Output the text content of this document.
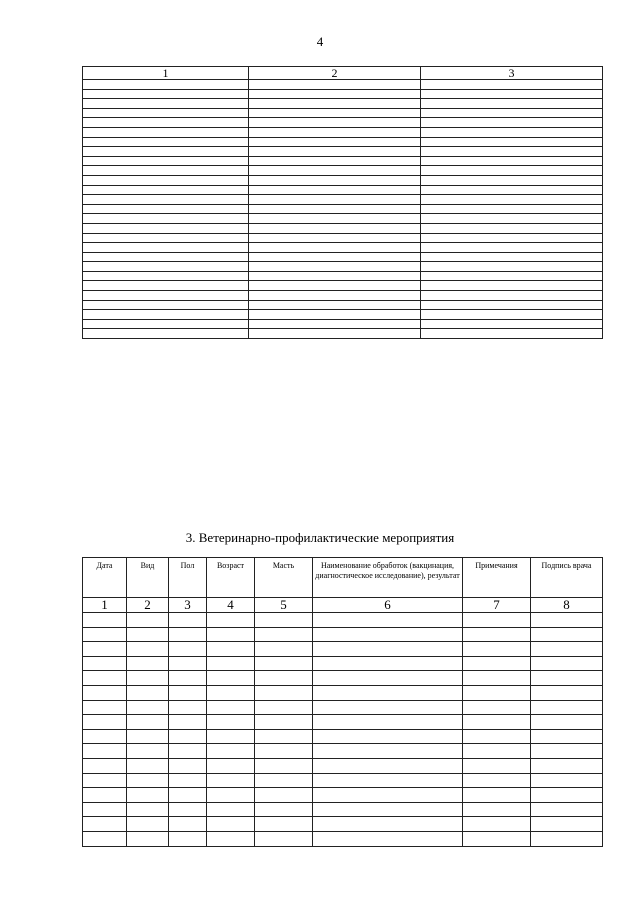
4
1	2	3

3. Ветеринарно-профилактические мероприятия
Дата	Вид	Пол	Возраст	Масть	Наименование обработок (вакцинация, диагностическое исследование), результат	Примечания	Подпись врача
1	2	3	4	5	6	7	8
